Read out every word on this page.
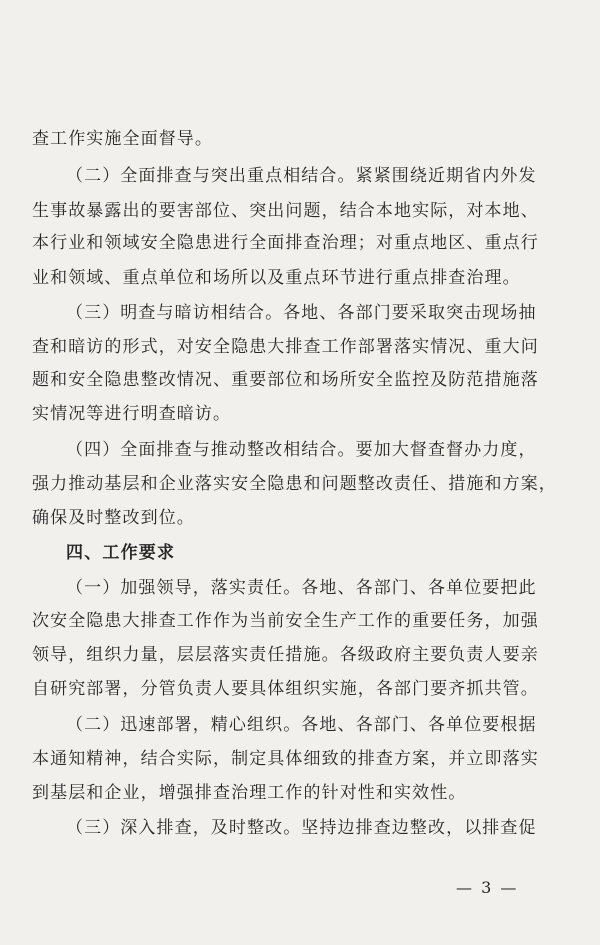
查工作实施全面督导。
（二）全面排查与突出重点相结合。紧紧围绕近期省内外发
生事故暴露出的要害部位、突出问题，结合本地实际，对本地、
本行业和领域安全隐患进行全面排查治理；对重点地区、重点行
业和领域、重点单位和场所以及重点环节进行重点排查治理。
（三）明查与暗访相结合。各地、各部门要采取突击现场抽
查和暗访的形式，对安全隐患大排查工作部署落实情况、重大问
题和安全隐患整改情况、重要部位和场所安全监控及防范措施落
实情况等进行明查暗访。
（四）全面排查与推动整改相结合。要加大督查督办力度，
强力推动基层和企业落实安全隐患和问题整改责任、措施和方案，
确保及时整改到位。
四、工作要求
（一）加强领导，落实责任。各地、各部门、各单位要把此
次安全隐患大排查工作作为当前安全生产工作的重要任务，加强
领导，组织力量，层层落实责任措施。各级政府主要负责人要亲
自研究部署，分管负责人要具体组织实施，各部门要齐抓共管。
（二）迅速部署，精心组织。各地、各部门、各单位要根据
本通知精神，结合实际，制定具体细致的排查方案，并立即落实
到基层和企业，增强排查治理工作的针对性和实效性。
（三）深入排查，及时整改。坚持边排查边整改，以排查促
— 3 —
